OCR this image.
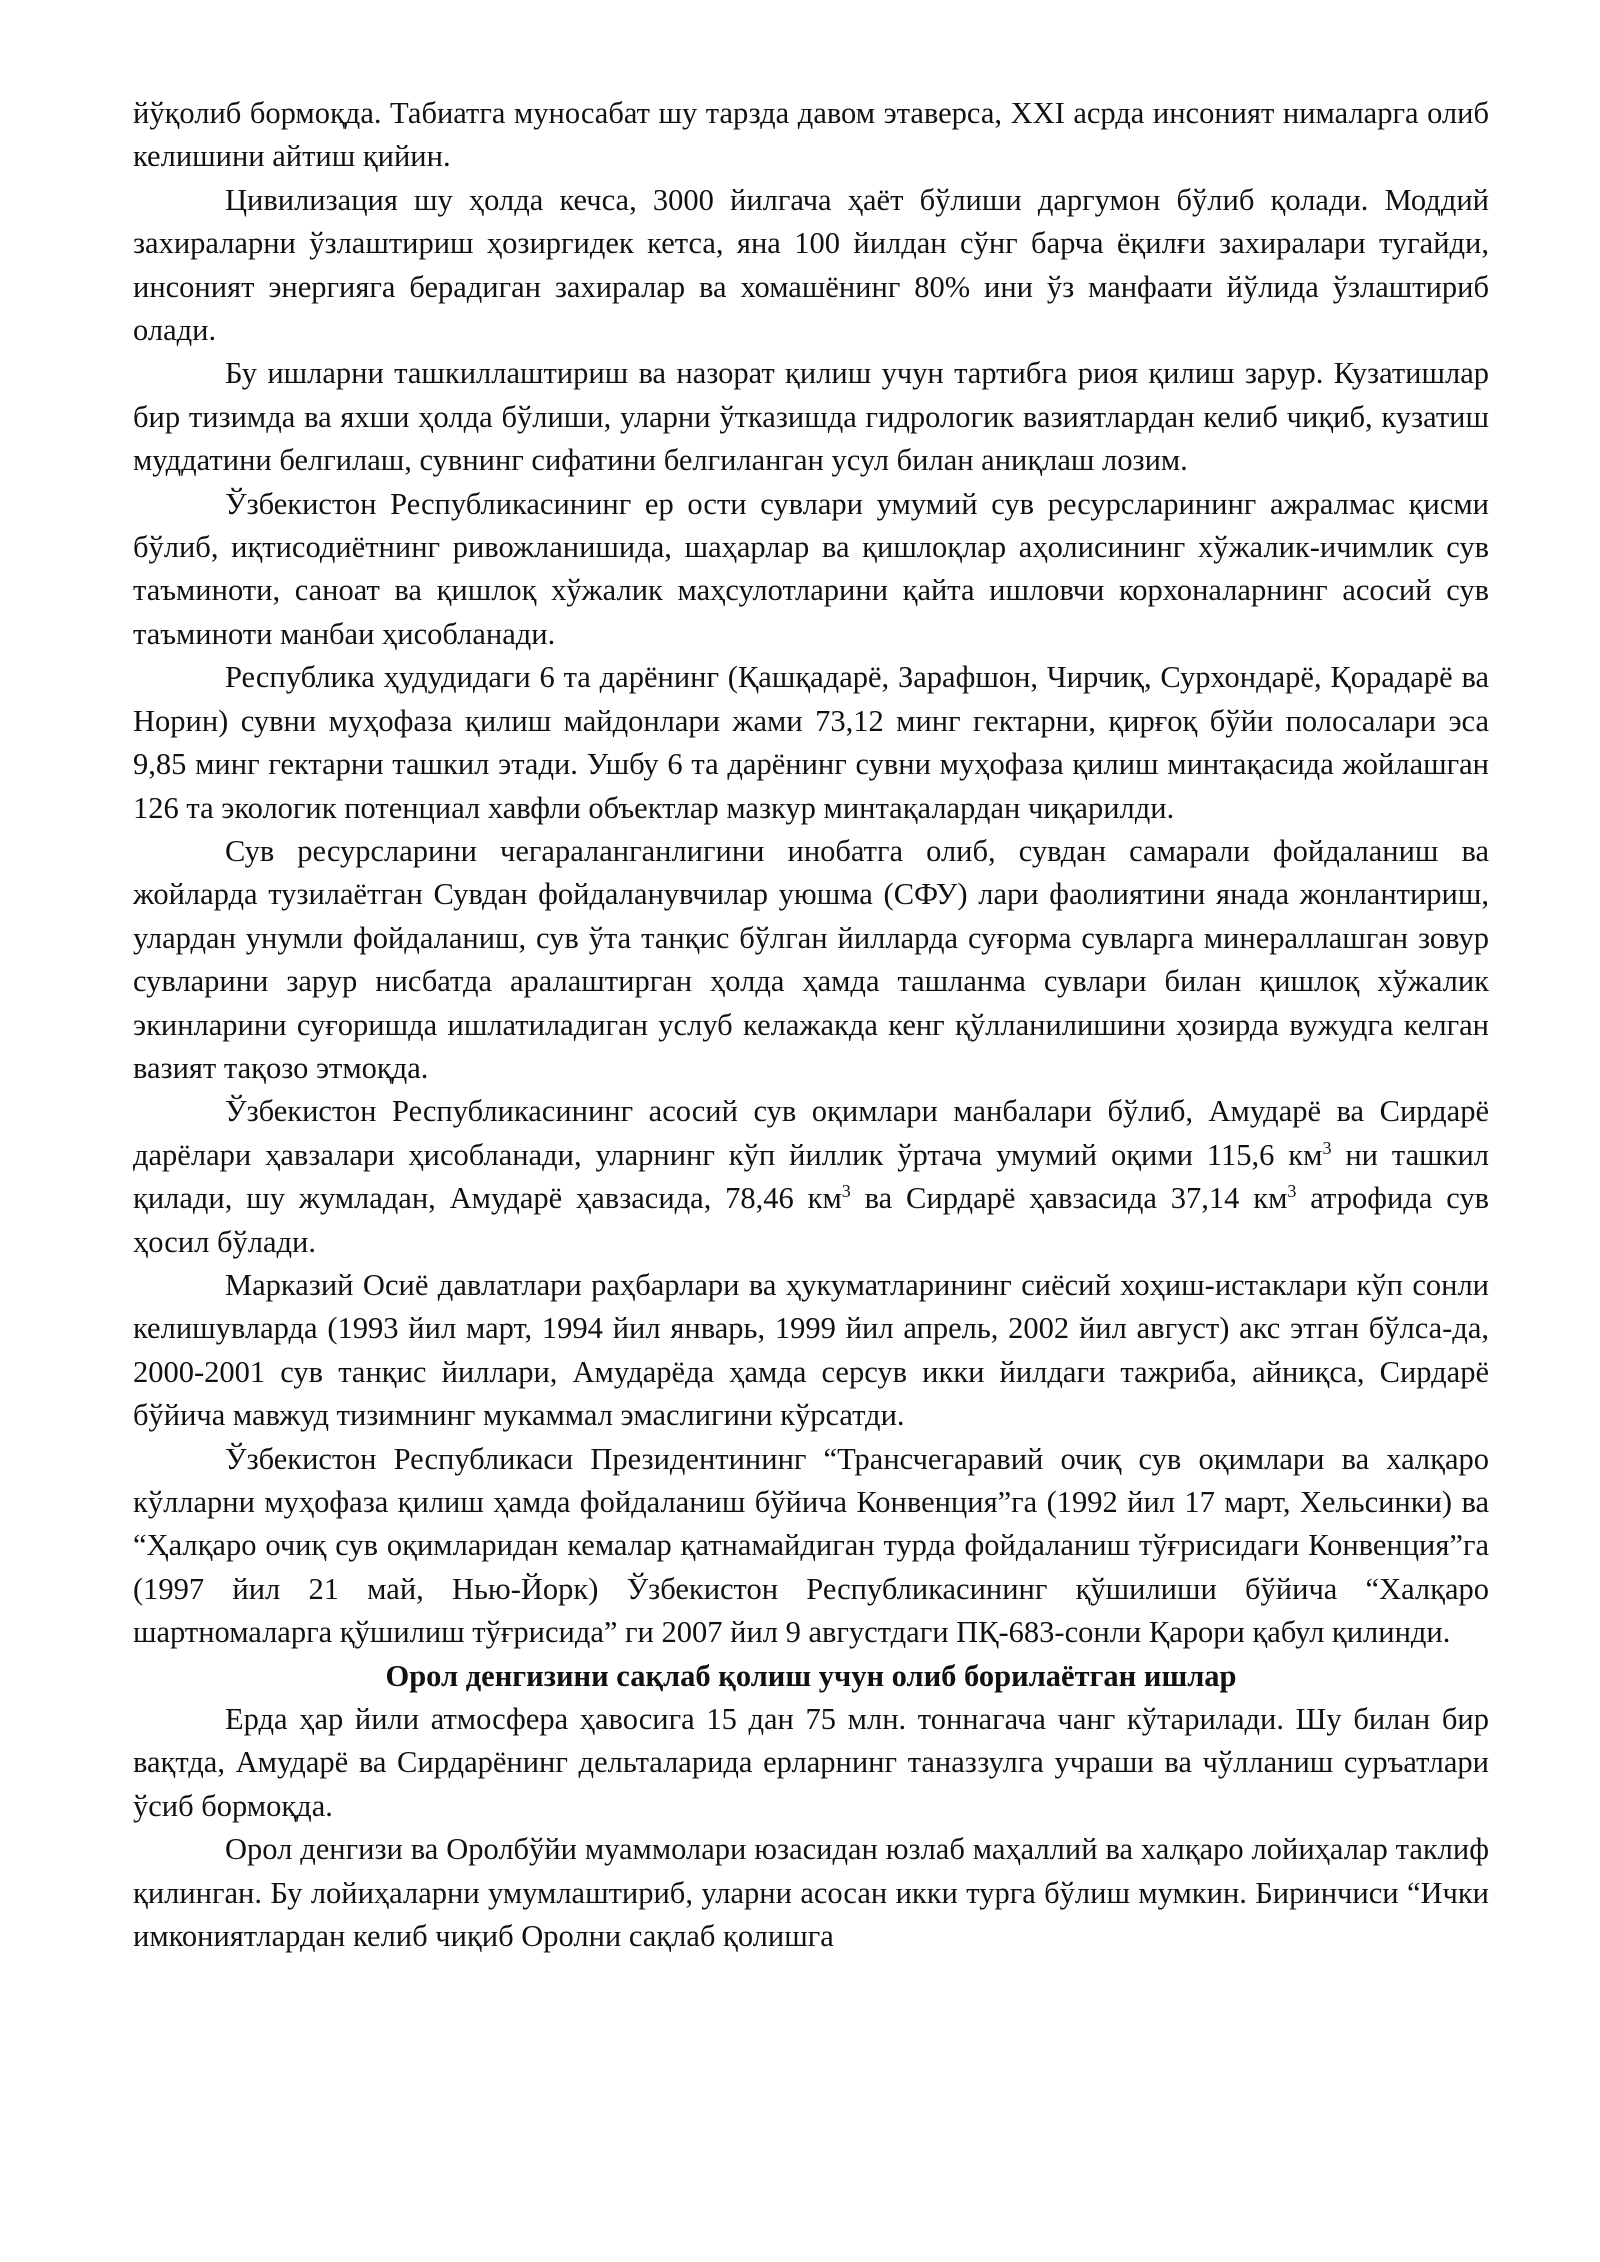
йўқолиб бормоқда. Табиатга муносабат шу тарзда давом этаверса, XXI асрда инсоният нималарга олиб келишини айтиш қийин.

Цивилизация шу ҳолда кечса, 3000 йилгача ҳаёт бўлиши даргумон бўлиб қолади. Моддий захираларни ўзлаштириш ҳозиргидек кетса, яна 100 йилдан сўнг барча ёқилғи захиралари тугайди, инсоният энергияга берадиган захиралар ва хомашёнинг 80% ини ўз манфаати йўлида ўзлаштириб олади.

Бу ишларни ташкиллаштириш ва назорат қилиш учун тартибга риоя қилиш зарур. Кузатишлар бир тизимда ва яхши ҳолда бўлиши, уларни ўтказишда гидрологик вазиятлардан келиб чиқиб, кузатиш муддатини белгилаш, сувнинг сифатини белгиланган усул билан аниқлаш лозим.

Ўзбекистон Республикасининг ер ости сувлари умумий сув ресурсларининг ажралмас қисми бўлиб, иқтисодиётнинг ривожланишида, шаҳарлар ва қишлоқлар аҳолисининг хўжалик-ичимлик сув таъминоти, саноат ва қишлоқ хўжалик маҳсулотларини қайта ишловчи корхоналарнинг асосий сув таъминоти манбаи ҳисобланади.

Республика ҳудудидаги 6 та дарёнинг (Қашқадарё, Зарафшон, Чирчиқ, Сурхондарё, Қорадарё ва Норин) сувни муҳофаза қилиш майдонлари жами 73,12 минг гектарни, қирғоқ бўйи полосалари эса 9,85 минг гектарни ташкил этади. Ушбу 6 та дарёнинг сувни муҳофаза қилиш минтақасида жойлашган 126 та экологик потенциал хавфли объектлар мазкур минтақалардан чиқарилди.

Сув ресурсларини чегараланганлигини инобатга олиб, сувдан самарали фойдаланиш ва жойларда тузилаётган Сувдан фойдаланувчилар уюшма (СФУ) лари фаолиятини янада жонлантириш, улардан унумли фойдаланиш, сув ўта танқис бўлган йилларда суғорма сувларга минераллашган зовур сувларини зарур нисбатда аралаштирган ҳолда ҳамда ташланма сувлари билан қишлоқ хўжалик экинларини суғоришда ишлатиладиган услуб келажакда кенг қўлланилишини ҳозирда вужудга келган вазият тақозо этмоқда.

Ўзбекистон Республикасининг асосий сув оқимлари манбалари бўлиб, Амударё ва Сирдарё дарёлари ҳавзалари ҳисобланади, уларнинг кўп йиллик ўртача умумий оқими 115,6 $км^3$ ни ташкил қилади, шу жумладан, Амударё ҳавзасида, 78,46 $км^3$ ва Сирдарё ҳавзасида 37,14 $км^3$ атрофида сув ҳосил бўлади.

Марказий Осиё давлатлари раҳбарлари ва ҳукуматларининг сиёсий хоҳиш-истаклари кўп сонли келишувларда (1993 йил март, 1994 йил январь, 1999 йил апрель, 2002 йил август) акс этган бўлса-да, 2000-2001 сув танқис йиллари, Амударёда ҳамда серсув икки йилдаги тажриба, айниқса, Сирдарё бўйича мавжуд тизимнинг мукаммал эмаслигини кўрсатди.

Ўзбекистон Республикаси Президентининг “Трансчегаравий очиқ сув оқимлари ва халқаро кўлларни муҳофаза қилиш ҳамда фойдаланиш бўйича Конвенция”га (1992 йил 17 март, Хельсинки) ва “Ҳалқаро очиқ сув оқимларидан кемалар қатнамайдиган турда фойдаланиш тўғрисидаги Конвенция”га (1997 йил 21 май, Нью-Йорк) Ўзбекистон Республикасининг қўшилиши бўйича “Халқаро шартномаларга қўшилиш тўғрисида” ги 2007 йил 9 августдаги ПҚ-683-сонли Қарори қабул қилинди.

Орол денгизини сақлаб қолиш учун олиб борилаётган ишлар

Ерда ҳар йили атмосфера ҳавосига 15 дан 75 млн. тоннагача чанг кўтарилади. Шу билан бир вақтда, Амударё ва Сирдарёнинг дельталарида ерларнинг таназзулга учраши ва чўлланиш суръатлари ўсиб бормоқда.

Орол денгизи ва Оролбўйи муаммолари юзасидан юзлаб маҳаллий ва халқаро лойиҳалар таклиф қилинган. Бу лойиҳаларни умумлаштириб, уларни асосан икки турга бўлиш мумкин. Биринчиси “Ички имкониятлардан келиб чиқиб Оролни сақлаб қолишга
